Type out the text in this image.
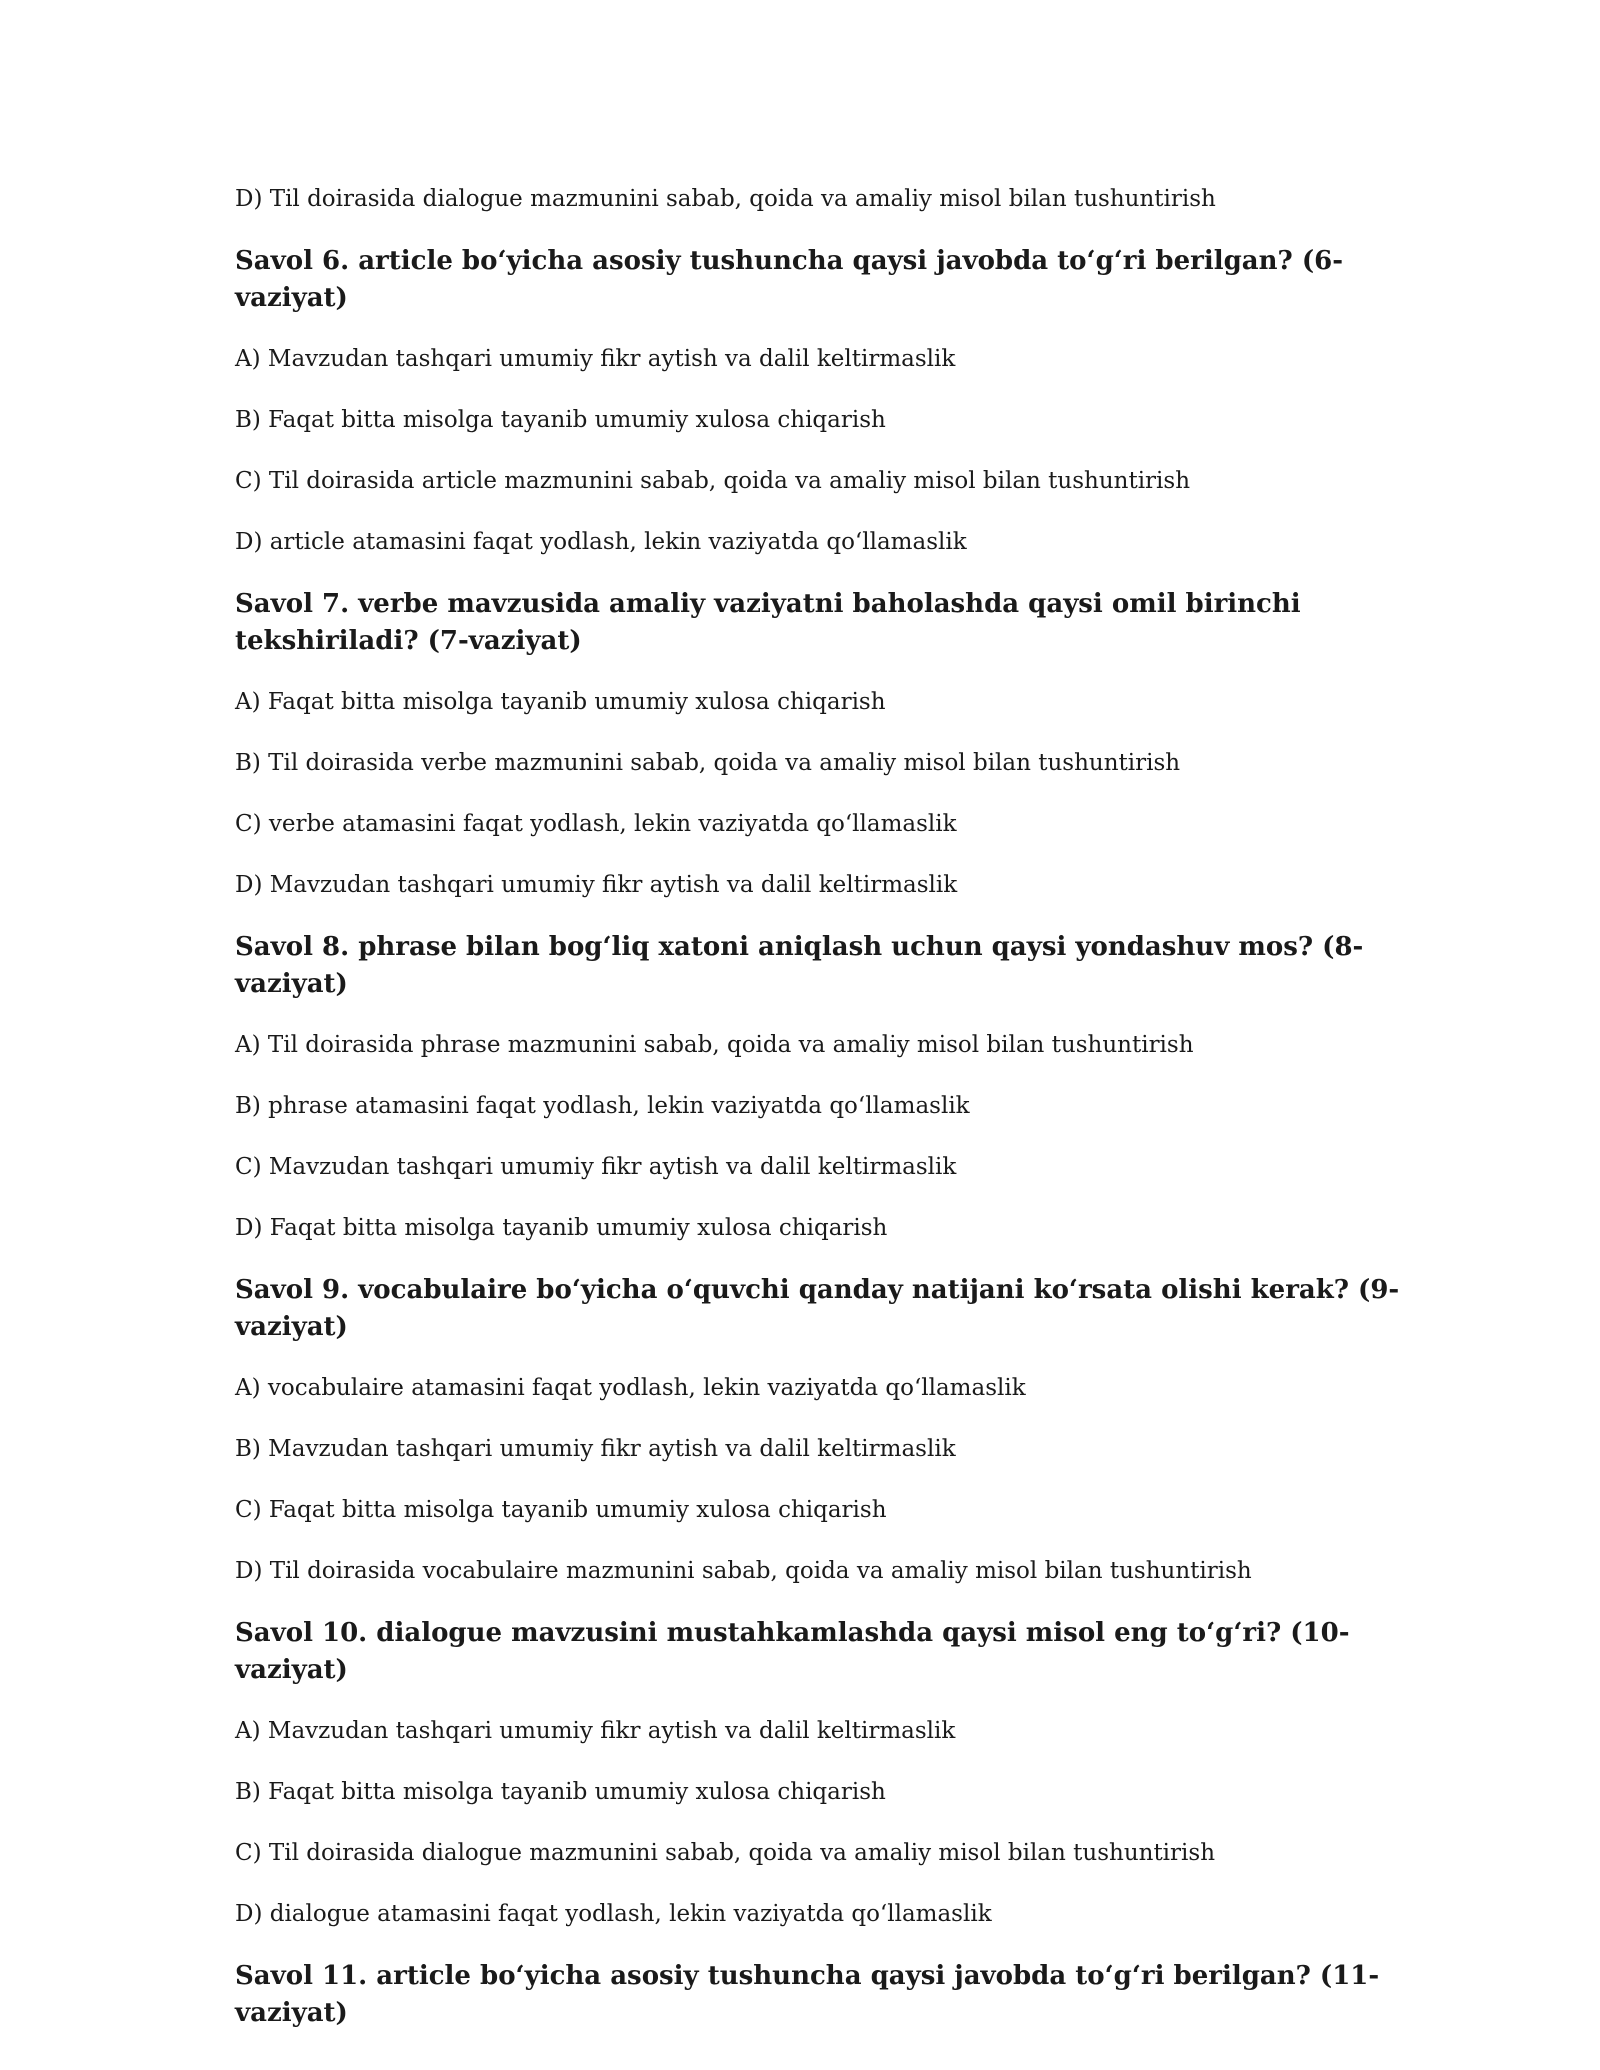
D) Til doirasida dialogue mazmunini sabab, qoida va amaliy misol bilan tushuntirish

Savol 6. article bo‘yicha asosiy tushuncha qaysi javobda to‘g‘ri berilgan? (6-vaziyat)

A) Mavzudan tashqari umumiy fikr aytish va dalil keltirmaslik

B) Faqat bitta misolga tayanib umumiy xulosa chiqarish

C) Til doirasida article mazmunini sabab, qoida va amaliy misol bilan tushuntirish

D) article atamasini faqat yodlash, lekin vaziyatda qo‘llamaslik

Savol 7. verbe mavzusida amaliy vaziyatni baholashda qaysi omil birinchi tekshiriladi? (7-vaziyat)

A) Faqat bitta misolga tayanib umumiy xulosa chiqarish

B) Til doirasida verbe mazmunini sabab, qoida va amaliy misol bilan tushuntirish

C) verbe atamasini faqat yodlash, lekin vaziyatda qo‘llamaslik

D) Mavzudan tashqari umumiy fikr aytish va dalil keltirmaslik

Savol 8. phrase bilan bog‘liq xatoni aniqlash uchun qaysi yondashuv mos? (8-vaziyat)

A) Til doirasida phrase mazmunini sabab, qoida va amaliy misol bilan tushuntirish

B) phrase atamasini faqat yodlash, lekin vaziyatda qo‘llamaslik

C) Mavzudan tashqari umumiy fikr aytish va dalil keltirmaslik

D) Faqat bitta misolga tayanib umumiy xulosa chiqarish

Savol 9. vocabulaire bo‘yicha o‘quvchi qanday natijani ko‘rsata olishi kerak? (9-vaziyat)

A) vocabulaire atamasini faqat yodlash, lekin vaziyatda qo‘llamaslik

B) Mavzudan tashqari umumiy fikr aytish va dalil keltirmaslik

C) Faqat bitta misolga tayanib umumiy xulosa chiqarish

D) Til doirasida vocabulaire mazmunini sabab, qoida va amaliy misol bilan tushuntirish

Savol 10. dialogue mavzusini mustahkamlashda qaysi misol eng to‘g‘ri? (10-vaziyat)

A) Mavzudan tashqari umumiy fikr aytish va dalil keltirmaslik

B) Faqat bitta misolga tayanib umumiy xulosa chiqarish

C) Til doirasida dialogue mazmunini sabab, qoida va amaliy misol bilan tushuntirish

D) dialogue atamasini faqat yodlash, lekin vaziyatda qo‘llamaslik

Savol 11. article bo‘yicha asosiy tushuncha qaysi javobda to‘g‘ri berilgan? (11-vaziyat)
